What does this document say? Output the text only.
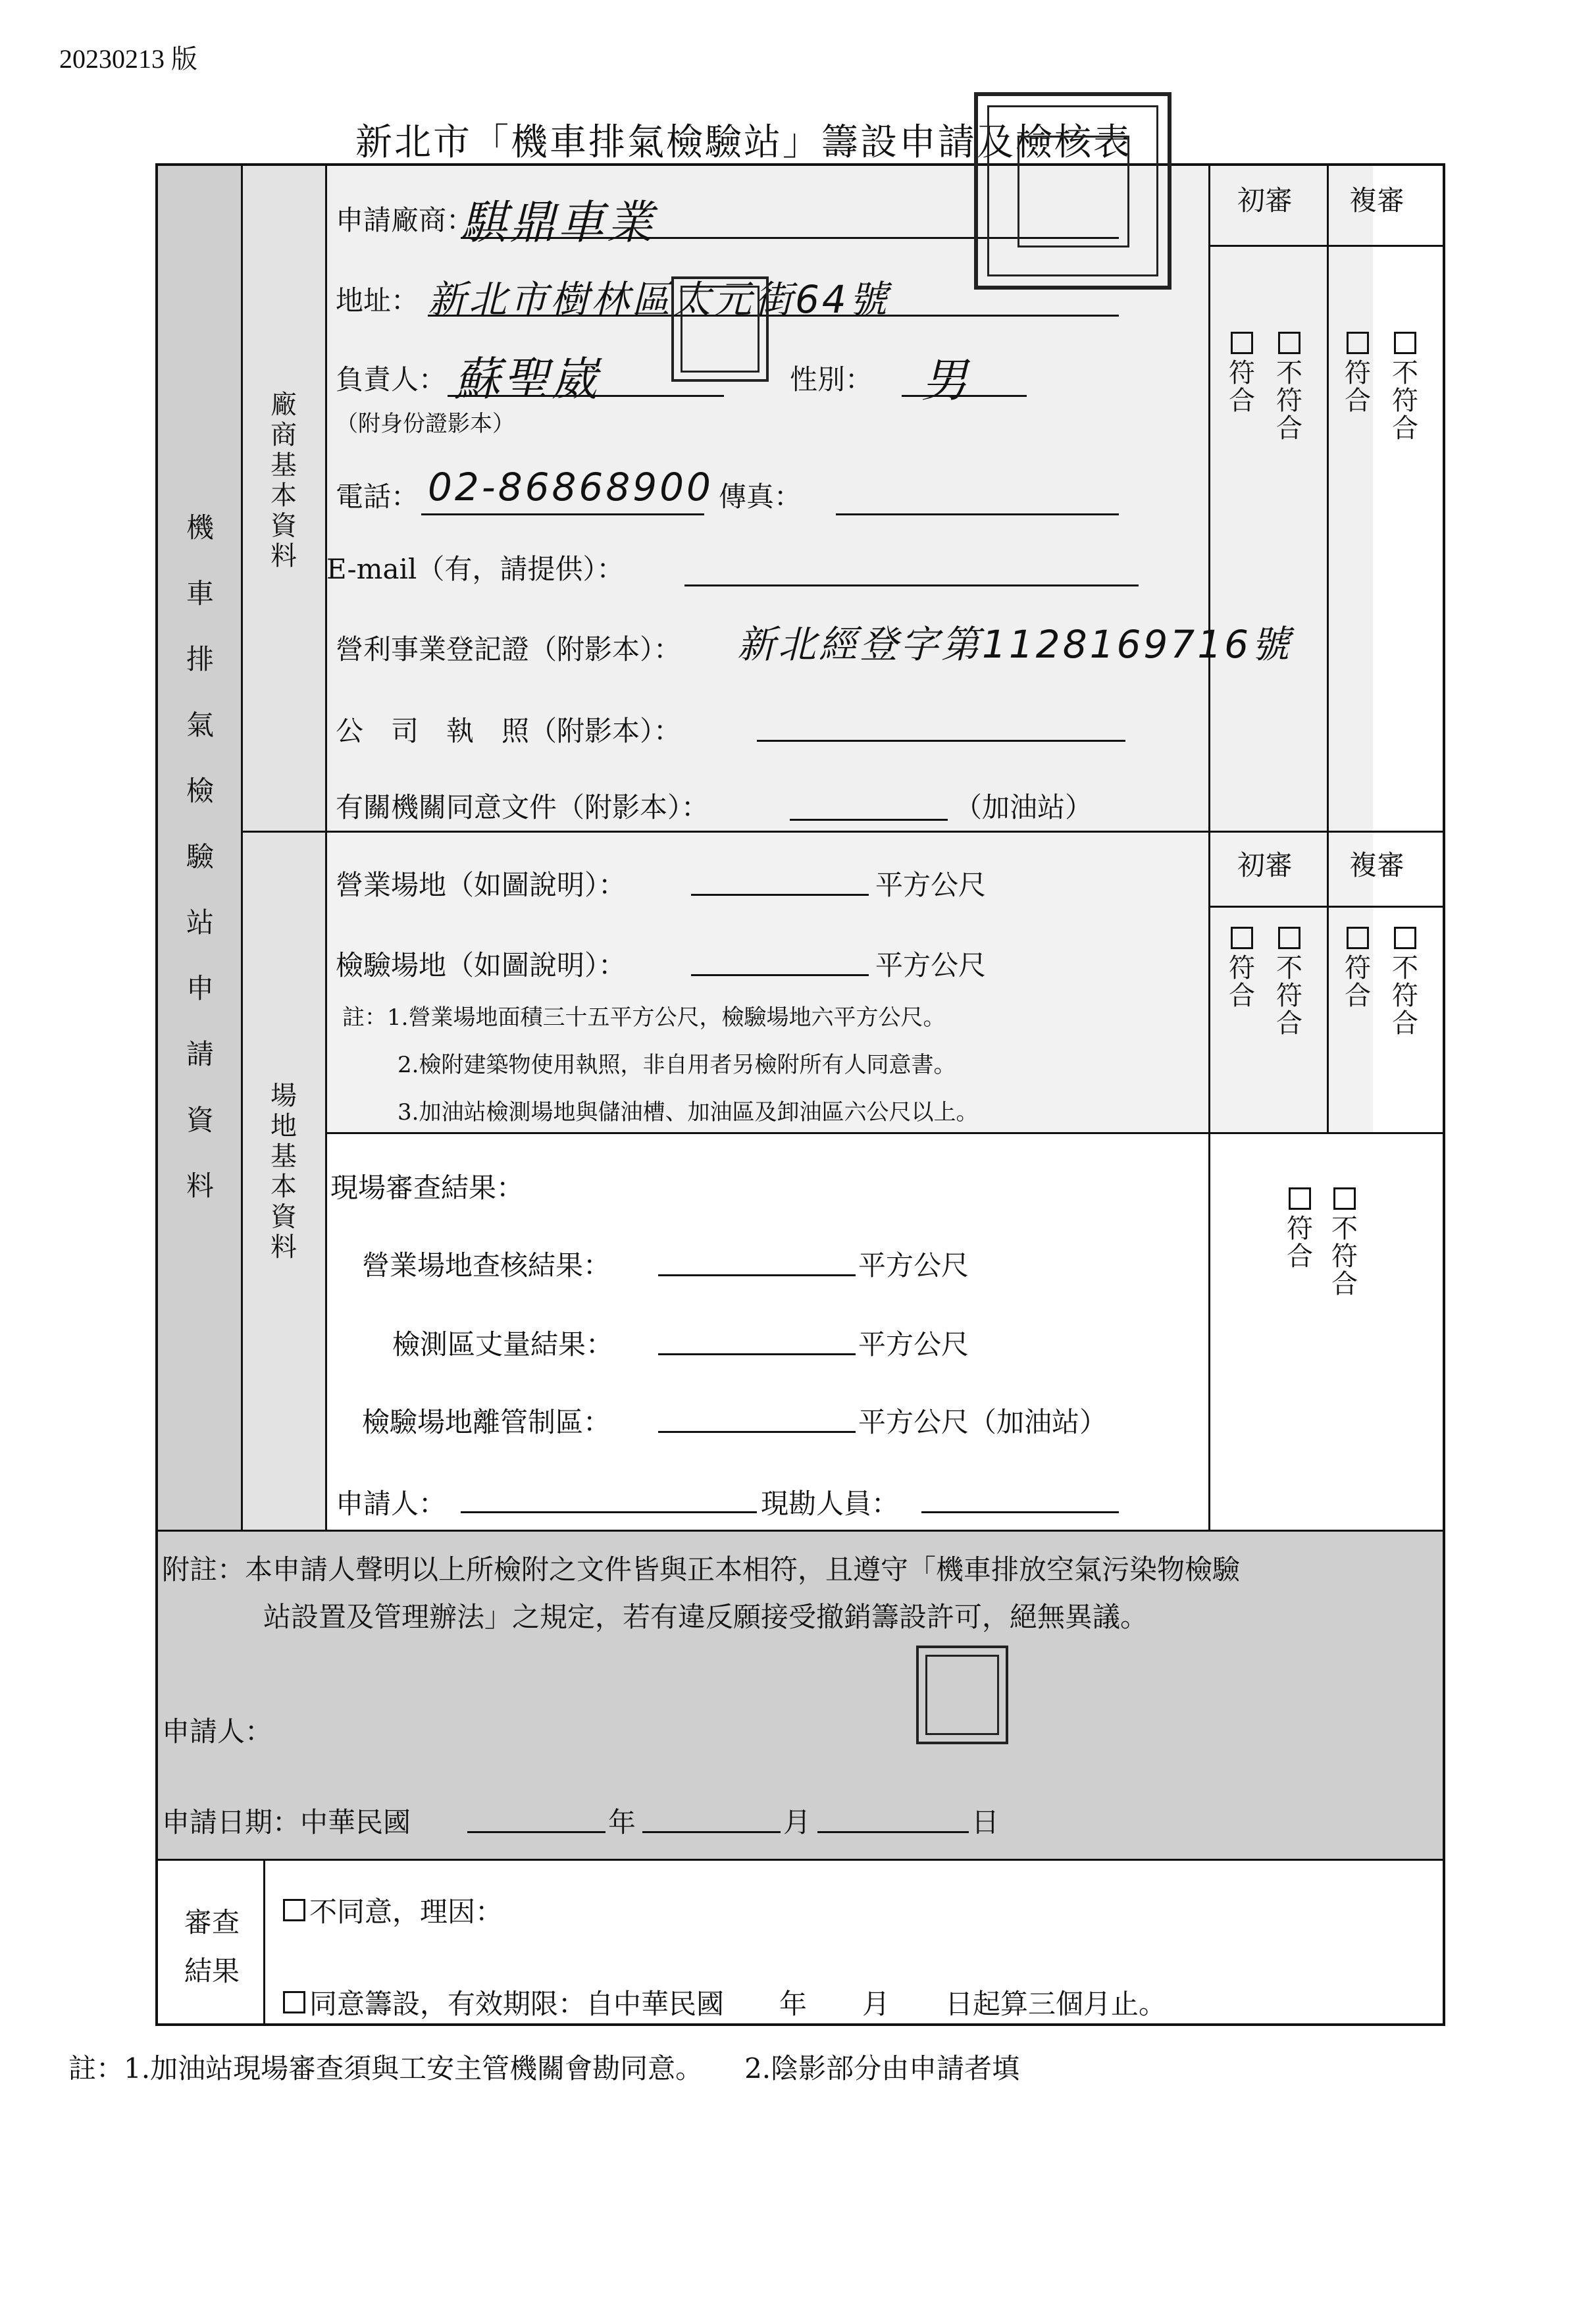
20230213 版
新北市「機車排氣檢驗站」籌設申請及檢核表
機車排氣檢驗站申請資料
廠商基本資料
場地基本資料
申請廠商：
騏鼎車業
地址： 新北市樹林區太元街64號
負責人： 蘇聖崴
（附身份證影本）
性別： 男
電話： 02-86868900 傳真：
E-mail（有，請提供）：
營利事業登記證（附影本）： 新北經登字第1128169716號
公　司　執　照（附影本）：
有關機關同意文件（附影本）：	（加油站）
初審 複審
符合
不符合
符合
不符合
營業場地（如圖說明）：	平方公尺
檢驗場地（如圖說明）：	平方公尺
註：1.營業場地面積三十五平方公尺，檢驗場地六平方公尺。
2.檢附建築物使用執照，非自用者另檢附所有人同意書。
3.加油站檢測場地與儲油槽、加油區及卸油區六公尺以上。
初審 複審
符合
不符合
符合
不符合
現場審查結果：
營業場地查核結果：	平方公尺
檢測區丈量結果：	平方公尺
檢驗場地離管制區：	平方公尺（加油站）
申請人：	現勘人員：
符合
不符合
附註：本申請人聲明以上所檢附之文件皆與正本相符，且遵守「機車排放空氣污染物檢驗
站設置及管理辦法」之規定，若有違反願接受撤銷籌設許可，絕無異議。
申請人：
申請日期：中華民國	年	月	日
審查
結果
不同意，理因：
同意籌設，有效期限：自中華民國　　年　　月　　日起算三個月止。
註：1.加油站現場審查須與工安主管機關會勘同意。　　2.陰影部分由申請者填
